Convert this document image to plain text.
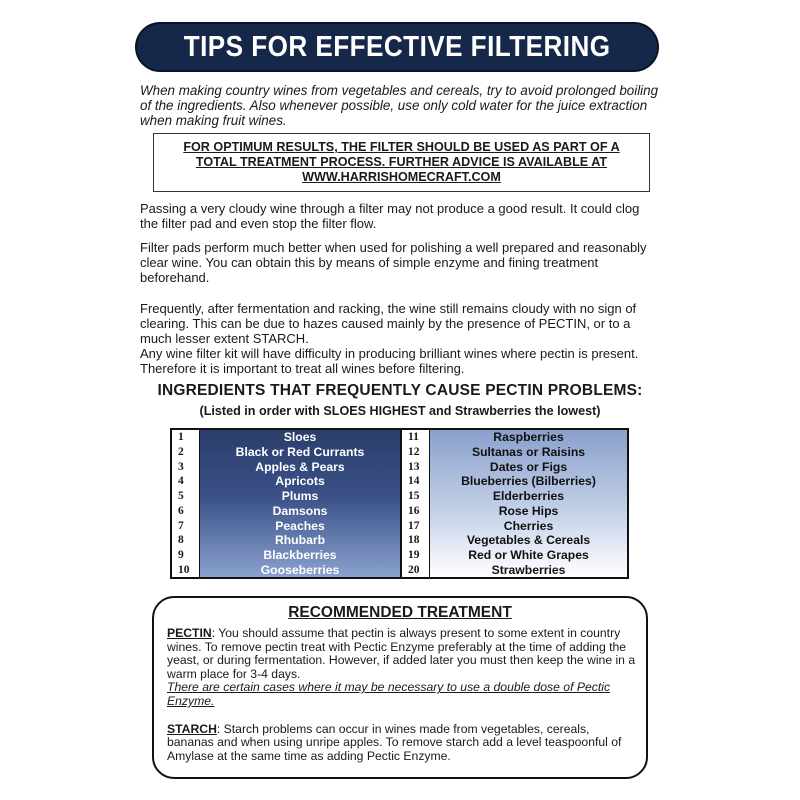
TIPS FOR EFFECTIVE FILTERING
When making country wines from vegetables and cereals, try to avoid prolonged boiling of the ingredients. Also whenever possible, use only cold water for the juice extraction when making fruit wines.
FOR OPTIMUM RESULTS, THE FILTER SHOULD BE USED AS PART OF A TOTAL TREATMENT PROCESS. FURTHER ADVICE IS AVAILABLE AT WWW.HARRISHOMECRAFT.COM
Passing a very cloudy wine through a filter may not produce a good result. It could clog the filter pad and even stop the filter flow.
Filter pads perform much better when used for polishing a well prepared and reasonably clear wine. You can obtain this by means of simple enzyme and fining treatment beforehand.
Frequently, after fermentation and racking, the wine still remains cloudy with no sign of clearing. This can be due to hazes caused mainly by the presence of PECTIN, or to a much lesser extent STARCH.
Any wine filter kit will have difficulty in producing brilliant wines where pectin is present. Therefore it is important to treat all wines before filtering.
INGREDIENTS THAT FREQUENTLY CAUSE PECTIN PROBLEMS:
(Listed in order with SLOES HIGHEST and Strawberries the lowest)
1
2
3
4
5
6
7
8
9
10
Sloes
Black or Red Currants
Apples & Pears
Apricots
Plums
Damsons
Peaches
Rhubarb
Blackberries
Gooseberries
11
12
13
14
15
16
17
18
19
20
Raspberries
Sultanas or Raisins
Dates or Figs
Blueberries (Bilberries)
Elderberries
Rose Hips
Cherries
Vegetables & Cereals
Red or White Grapes
Strawberries
RECOMMENDED TREATMENT
PECTIN: You should assume that pectin is always present to some extent in country wines. To remove pectin treat with Pectic Enzyme preferably at the time of adding the yeast, or during fermentation. However, if added later you must then keep the wine in a warm place for 3-4 days.
There are certain cases where it may be necessary to use a double dose of Pectic Enzyme.
STARCH: Starch problems can occur in wines made from vegetables, cereals, bananas and when using unripe apples. To remove starch add a level teaspoonful of Amylase at the same time as adding Pectic Enzyme.
